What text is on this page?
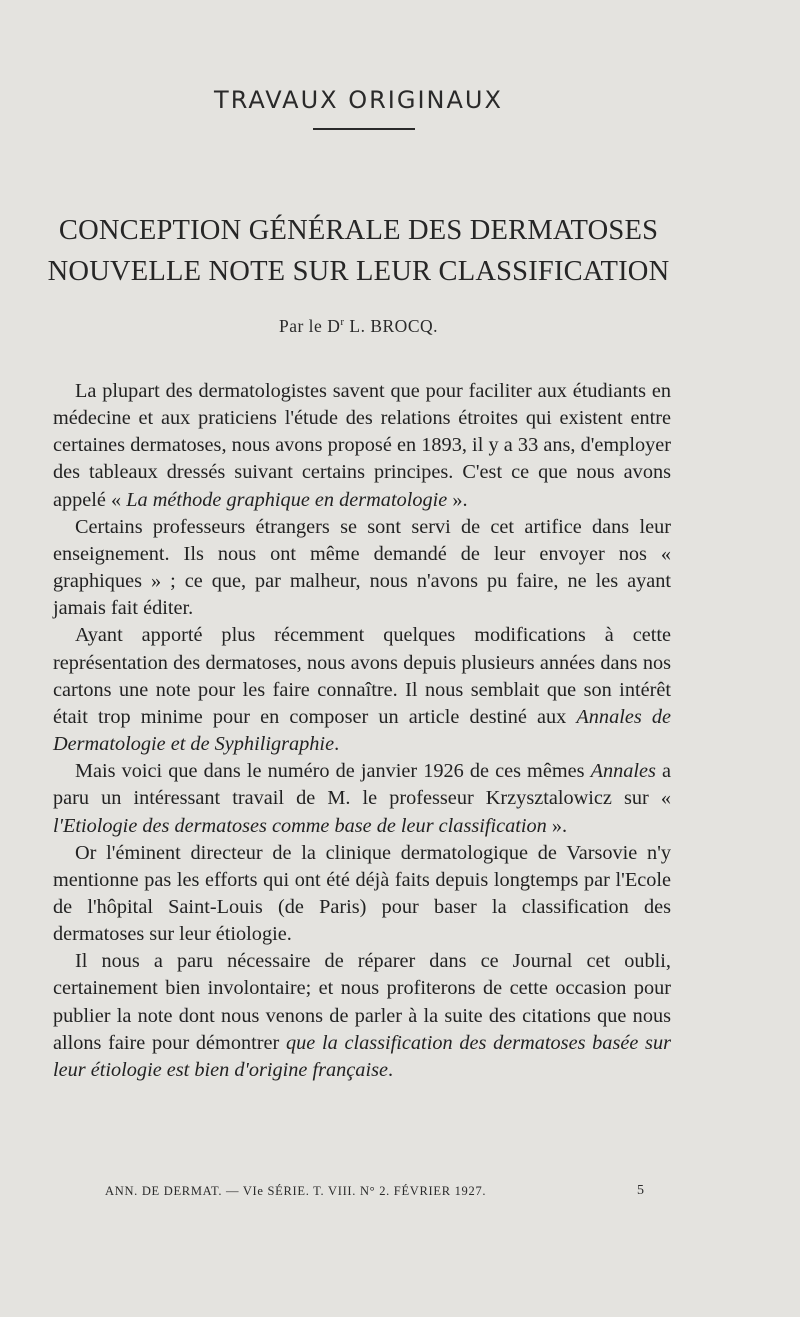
TRAVAUX ORIGINAUX
CONCEPTION GÉNÉRALE DES DERMATOSES
NOUVELLE NOTE SUR LEUR CLASSIFICATION
Par le $D^r$ L. BROCQ.

La plupart des dermatologistes savent que pour faciliter aux étudiants en médecine et aux praticiens l'étude des relations étroites qui existent entre certaines dermatoses, nous avons proposé en 1893, il y a 33 ans, d'employer des tableaux dressés suivant certains principes. C'est ce que nous avons appelé « La méthode graphique en dermatologie ».

Certains professeurs étrangers se sont servi de cet artifice dans leur enseignement. Ils nous ont même demandé de leur envoyer nos « graphiques » ; ce que, par malheur, nous n'avons pu faire, ne les ayant jamais fait éditer.

Ayant apporté plus récemment quelques modifications à cette représentation des dermatoses, nous avons depuis plusieurs années dans nos cartons une note pour les faire connaître. Il nous semblait que son intérêt était trop minime pour en composer un article destiné aux Annales de Dermatologie et de Syphiligraphie.

Mais voici que dans le numéro de janvier 1926 de ces mêmes Annales a paru un intéressant travail de M. le professeur Krzysztalowicz sur « l'Etiologie des dermatoses comme base de leur classification ».

Or l'éminent directeur de la clinique dermatologique de Varsovie n'y mentionne pas les efforts qui ont été déjà faits depuis longtemps par l'Ecole de l'hôpital Saint-Louis (de Paris) pour baser la classification des dermatoses sur leur étiologie.

Il nous a paru nécessaire de réparer dans ce Journal cet oubli, certainement bien involontaire; et nous profiterons de cette occasion pour publier la note dont nous venons de parler à la suite des citations que nous allons faire pour démontrer que la classification des dermatoses basée sur leur étiologie est bien d'origine française.

ANN. DE DERMAT. — VIe SÉRIE. T. VIII. N° 2. FÉVRIER 1927.	5
